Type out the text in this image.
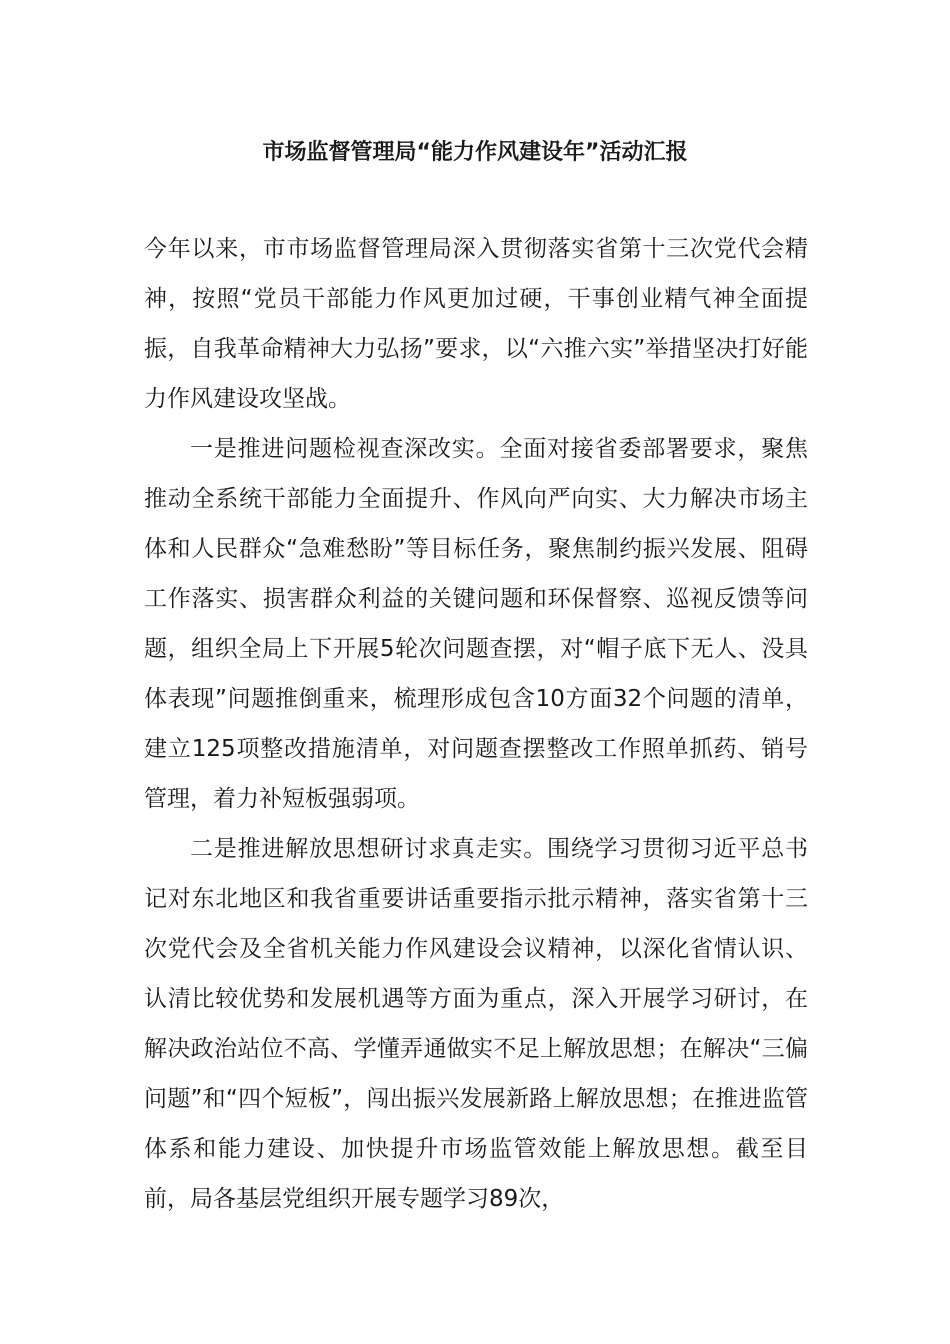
市场监督管理局“能力作风建设年”活动汇报

今年以来，市市场监督管理局深入贯彻落实省第十三次党代会精神，按照“党员干部能力作风更加过硬，干事创业精气神全面提振，自我革命精神大力弘扬”要求，以“六推六实”举措坚决打好能力作风建设攻坚战。

一是推进问题检视查深改实。全面对接省委部署要求，聚焦推动全系统干部能力全面提升、作风向严向实、大力解决市场主体和人民群众“急难愁盼”等目标任务，聚焦制约振兴发展、阻碍工作落实、损害群众利益的关键问题和环保督察、巡视反馈等问题，组织全局上下开展5轮次问题查摆，对“帽子底下无人、没具体表现”问题推倒重来，梳理形成包含10方面32个问题的清单，建立125项整改措施清单，对问题查摆整改工作照单抓药、销号管理，着力补短板强弱项。

二是推进解放思想研讨求真走实。围绕学习贯彻习近平总书记对东北地区和我省重要讲话重要指示批示精神，落实省第十三次党代会及全省机关能力作风建设会议精神，以深化省情认识、认清比较优势和发展机遇等方面为重点，深入开展学习研讨，在解决政治站位不高、学懂弄通做实不足上解放思想；在解决“三偏问题”和“四个短板”，闯出振兴发展新路上解放思想；在推进监管体系和能力建设、加快提升市场监管效能上解放思想。截至目前，局各基层党组织开展专题学习89次，
